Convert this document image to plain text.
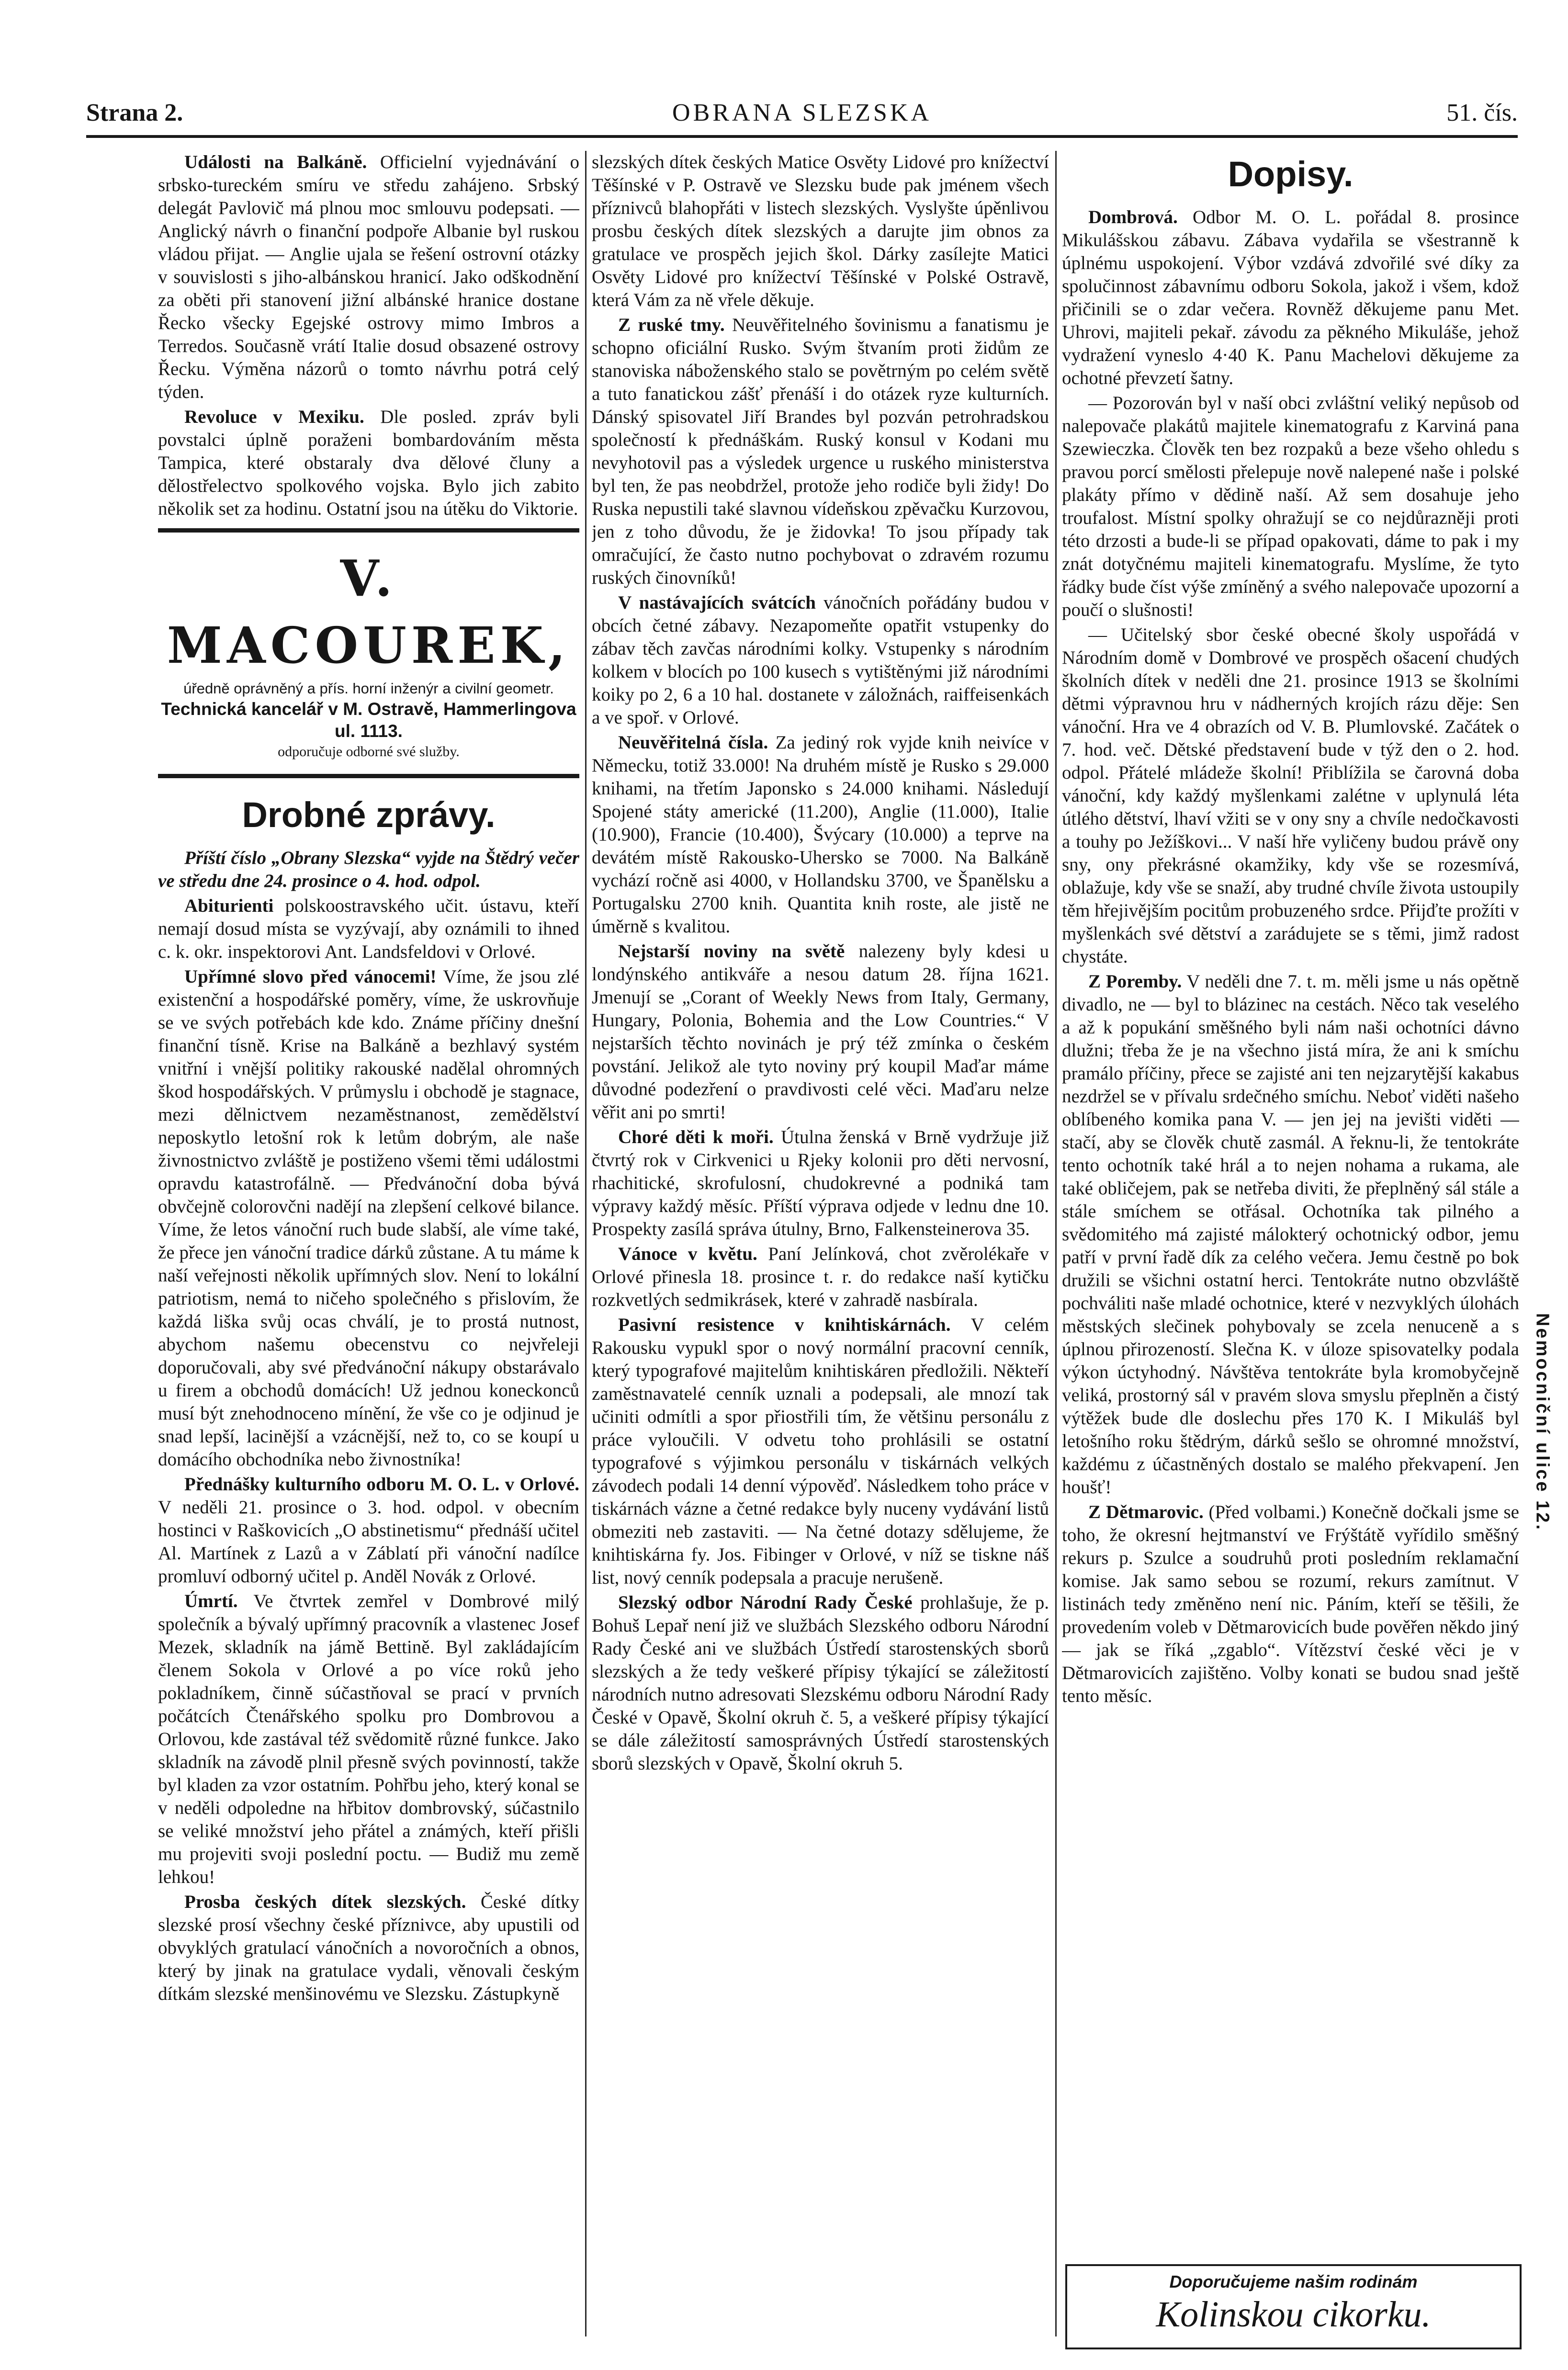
Strana 2.	OBRANA SLEZSKA	51. čís.

Události na Balkáně. Officielní vyjednávání o srbsko-tureckém smíru ve středu zahájeno. Srbský delegát Pavlovič má plnou moc smlouvu podepsati. — Anglický návrh o finanční podpoře Albanie byl ruskou vládou přijat. — Anglie ujala se řešení ostrovní otázky v souvislosti s jiho-albánskou hranicí. Jako odškodnění za oběti při stanovení jižní albánské hranice dostane Řecko všecky Egejské ostrovy mimo Imbros a Terredos. Současně vrátí Italie dosud obsazené ostrovy Řecku. Výměna názorů o tomto návrhu potrá celý týden.

Revoluce v Mexiku. Dle posled. zpráv byli povstalci úplně poraženi bombardováním města Tampica, které obstaraly dva dělové čluny a dělostřelectvo spolkového vojska. Bylo jich zabito několik set za hodinu. Ostatní jsou na útěku do Viktorie.

V. MACOUREK,
úředně oprávněný a přís. horní inženýr a civilní geometr.
Technická kancelář v M. Ostravě, Hammerlingova ul. 1113.
odporučuje odborné své služby.
Drobné zprávy.

Příští číslo „Obrany Slezska“ vyjde na Štědrý večer ve středu dne 24. prosince o 4. hod. odpol.

Abiturienti polskoostravského učit. ústavu, kteří nemají dosud místa se vyzývají, aby oznámili to ihned c. k. okr. inspektorovi Ant. Landsfeldovi v Orlové.

Upřímné slovo před vánocemi! Víme, že jsou zlé existenční a hospodářské poměry, víme, že uskrovňuje se ve svých potřebách kde kdo. Známe příčiny dnešní finanční tísně. Krise na Balkáně a bezhlavý systém vnitřní i vnější politiky rakouské nadělal ohromných škod hospodářských. V průmyslu i obchodě je stagnace, mezi dělnictvem nezaměstnanost, zemědělství neposkytlo letošní rok k letům dobrým, ale naše živnostnictvo zvláště je postiženo všemi těmi událostmi opravdu katastrofálně. — Předvánoční doba bývá obvčejně colorovčni nadějí na zlepšení celkové bilance. Víme, že letos vánoční ruch bude slabší, ale víme také, že přece jen vánoční tradice dárků zůstane. A tu máme k naší veřejnosti několik upřímných slov. Není to lokální patriotism, nemá to ničeho společného s přislovím, že každá liška svůj ocas chválí, je to prostá nutnost, abychom našemu obecenstvu co nejvřeleji doporučovali, aby své předvánoční nákupy obstarávalo u firem a obchodů domácích! Už jednou koneckonců musí být znehodnoceno mínění, že vše co je odjinud je snad lepší, lacinější a vzácnější, než to, co se koupí u domácího obchodníka nebo živnostníka!

Přednášky kulturního odboru M. O. L. v Orlové. V neděli 21. prosince o 3. hod. odpol. v obecním hostinci v Raškovicích „O abstinetismu“ přednáší učitel Al. Martínek z Lazů a v Záblatí při vánoční nadílce promluví odborný učitel p. Anděl Novák z Orlové.

Úmrtí. Ve čtvrtek zemřel v Dombrové milý společník a bývalý upřímný pracovník a vlastenec Josef Mezek, skladník na jámě Bettině. Byl zakládajícím členem Sokola v Orlové a po více roků jeho pokladníkem, činně súčastňoval se prací v prvních počátcích Čtenářského spolku pro Dombrovou a Orlovou, kde zastával též svědomitě různé funkce. Jako skladník na závodě plnil přesně svých povinností, takže byl kladen za vzor ostatním. Pohřbu jeho, který konal se v neděli odpoledne na hřbitov dombrovský, súčastnilo se veliké množství jeho přátel a známých, kteří přišli mu projeviti svoji poslední poctu. — Budiž mu země lehkou!

Prosba českých dítek slezských. České dítky slezské prosí všechny české příznivce, aby upustili od obvyklých gratulací vánočních a novoročních a obnos, který by jinak na gratulace vydali, věnovali českým dítkám slezské menšinovému ve Slezsku. Zástupkyně

slezských dítek českých Matice Osvěty Lidové pro knížectví Těšínské v P. Ostravě ve Slezsku bude pak jménem všech příznivců blahopřáti v listech slezských. Vyslyšte úpěnlivou prosbu českých dítek slezských a darujte jim obnos za gratulace ve prospěch jejich škol. Dárky zasílejte Matici Osvěty Lidové pro knížectví Těšínské v Polské Ostravě, která Vám za ně vřele děkuje.

Z ruské tmy. Neuvěřitelného šovinismu a fanatismu je schopno oficiální Rusko. Svým štvaním proti židům ze stanoviska náboženského stalo se povětrným po celém světě a tuto fanatickou zášť přenáší i do otázek ryze kulturních. Dánský spisovatel Jiří Brandes byl pozván petrohradskou společností k přednáškám. Ruský konsul v Kodani mu nevyhotovil pas a výsledek urgence u ruského ministerstva byl ten, že pas neobdržel, protože jeho rodiče byli židy! Do Ruska nepustili také slavnou vídeňskou zpěvačku Kurzovou, jen z toho důvodu, že je židovka! To jsou případy tak omračující, že často nutno pochybovat o zdravém rozumu ruských činovníků!

V nastávajících svátcích vánočních pořádány budou v obcích četné zábavy. Nezapomeňte opatřit vstupenky do zábav těch zavčas národními kolky. Vstupenky s národním kolkem v blocích po 100 kusech s vytištěnými již národními koiky po 2, 6 a 10 hal. dostanete v záložnách, raiffeisenkách a ve spoř. v Orlové.

Neuvěřitelná čísla. Za jediný rok vyjde knih neivíce v Německu, totiž 33.000! Na druhém místě je Rusko s 29.000 knihami, na třetím Japonsko s 24.000 knihami. Následují Spojené státy americké (11.200), Anglie (11.000), Italie (10.900), Francie (10.400), Švýcary (10.000) a teprve na devátém místě Rakousko-Uhersko se 7000. Na Balkáně vychází ročně asi 4000, v Hollandsku 3700, ve Španělsku a Portugalsku 2700 knih. Quantita knih roste, ale jistě ne úměrně s kvalitou.

Nejstarší noviny na světě nalezeny byly kdesi u londýnského antikváře a nesou datum 28. října 1621. Jmenují se „Corant of Weekly News from Italy, Germany, Hungary, Polonia, Bohemia and the Low Countries.“ V nejstarších těchto novinách je prý též zmínka o českém povstání. Jelikož ale tyto noviny prý koupil Maďar máme důvodné podezření o pravdivosti celé věci. Maďaru nelze věřit ani po smrti!

Choré děti k moři. Útulna ženská v Brně vydržuje již čtvrtý rok v Cirkvenici u Rjeky kolonii pro děti nervosní, rhachitické, skrofulosní, chudokrevné a podniká tam výpravy každý měsíc. Příští výprava odjede v lednu dne 10. Prospekty zasílá správa útulny, Brno, Falkensteinerova 35.

Vánoce v květu. Paní Jelínková, chot zvěrolékaře v Orlové přinesla 18. prosince t. r. do redakce naší kytičku rozkvetlých sedmikrásek, které v zahradě nasbírala.

Pasivní resistence v knihtiskárnách. V celém Rakousku vypukl spor o nový normální pracovní cenník, který typografové majitelům knihtiskáren předložili. Někteří zaměstnavatelé cenník uznali a podepsali, ale mnozí tak učiniti odmítli a spor přiostřili tím, že většinu personálu z práce vyloučili. V odvetu toho prohlásili se ostatní typografové s výjimkou personálu v tiskárnách velkých závodech podali 14 denní výpověď. Následkem toho práce v tiskárnách vázne a četné redakce byly nuceny vydávání listů obmeziti neb zastaviti. — Na četné dotazy sdělujeme, že knihtiskárna fy. Jos. Fibinger v Orlové, v níž se tiskne náš list, nový cenník podepsala a pracuje nerušeně.

Slezský odbor Národní Rady České prohlašuje, že p. Bohuš Lepař není již ve službách Slezského odboru Národní Rady České ani ve službách Ústředí starostenských sborů slezských a že tedy veškeré přípisy týkající se záležitostí národních nutno adresovati Slezskému odboru Národní Rady České v Opavě, Školní okruh č. 5, a veškeré přípisy týkající se dále záležitostí samosprávných Ústředí starostenských sborů slezských v Opavě, Školní okruh 5.

Dopisy.

Dombrová. Odbor M. O. L. pořádal 8. prosince Mikulášskou zábavu. Zábava vydařila se všestranně k úplnému uspokojení. Výbor vzdává zdvořilé své díky za spolučinnost zábavnímu odboru Sokola, jakož i všem, kdož přičinili se o zdar večera. Rovněž děkujeme panu Met. Uhrovi, majiteli pekař. závodu za pěkného Mikuláše, jehož vydražení vyneslo 4·40 K. Panu Machelovi děkujeme za ochotné převzetí šatny.

— Pozorován byl v naší obci zvláštní veliký nepůsob od nalepovače plakátů majitele kinematografu z Karviná pana Szewieczka. Člověk ten bez rozpaků a beze všeho ohledu s pravou porcí smělosti přelepuje nově nalepené naše i polské plakáty přímo v dědině naší. Až sem dosahuje jeho troufalost. Místní spolky ohražují se co nejdůrazněji proti této drzosti a bude-li se případ opakovati, dáme to pak i my znát dotyčnému majiteli kinematografu. Myslíme, že tyto řádky bude číst výše zmíněný a svého nalepovače upozorní a poučí o slušnosti!

— Učitelský sbor české obecné školy uspořádá v Národním domě v Dombrové ve prospěch ošacení chudých školních dítek v neděli dne 21. prosince 1913 se školními dětmi výpravnou hru v nádherných krojích rázu děje: Sen vánoční. Hra ve 4 obrazích od V. B. Plumlovské. Začátek o 7. hod. več. Dětské představení bude v týž den o 2. hod. odpol. Přátelé mládeže školní! Přiblížila se čarovná doba vánoční, kdy každý myšlenkami zalétne v uplynulá léta útlého dětství, lhaví vžiti se v ony sny a chvíle nedočkavosti a touhy po Ježíškovi... V naší hře vyličeny budou právě ony sny, ony překrásné okamžiky, kdy vše se rozesmívá, oblažuje, kdy vše se snaží, aby trudné chvíle života ustoupily těm hřejivějším pocitům probuzeného srdce. Přijďte prožíti v myšlenkách své dětství a zarádujete se s těmi, jimž radost chystáte.

Z Poremby. V neděli dne 7. t. m. měli jsme u nás opětně divadlo, ne — byl to blázinec na cestách. Něco tak veselého a až k popukání směšného byli nám naši ochotníci dávno dlužni; třeba že je na všechno jistá míra, že ani k smíchu pramálo příčiny, přece se zajisté ani ten nejzarytější kakabus nezdržel se v přívalu srdečného smíchu. Neboť viděti našeho oblíbeného komika pana V. — jen jej na jevišti viděti — stačí, aby se člověk chutě zasmál. A řeknu-li, že tentokráte tento ochotník také hrál a to nejen nohama a rukama, ale také obličejem, pak se netřeba diviti, že přeplněný sál stále a stále smíchem se otřásal. Ochotníka tak pilného a svědomitého má zajisté málokterý ochotnický odbor, jemu patří v první řadě dík za celého večera. Jemu čestně po bok družili se všichni ostatní herci. Tentokráte nutno obzvláště pochváliti naše mladé ochotnice, které v nezvyklých úlohách městských slečinek pohybovaly se zcela nenuceně a s úplnou přirozeností. Slečna K. v úloze spisovatelky podala výkon úctyhodný. Návštěva tentokráte byla kromobyčejně veliká, prostorný sál v pravém slova smyslu přeplněn a čistý výtěžek bude dle doslechu přes 170 K. I Mikuláš byl letošního roku štědrým, dárků sešlo se ohromné množství, každému z účastněných dostalo se malého překvapení. Jen houšť!

Z Dětmarovic. (Před volbami.) Konečně dočkali jsme se toho, že okresní hejtmanství ve Frýštátě vyřídilo směšný rekurs p. Szulce a soudruhů proti posledním reklamační komise. Jak samo sebou se rozumí, rekurs zamítnut. V listinách tedy změněno není nic. Páním, kteří se těšili, že provedením voleb v Dětmarovicích bude pověřen někdo jiný — jak se říká „zgablo“. Vítězství české věci je v Dětmarovicích zajištěno. Volby konati se budou snad ještě tento měsíc.

Nemocniční ulice 12.
Doporučujeme našim rodinám
Kolinskou cikorku.
